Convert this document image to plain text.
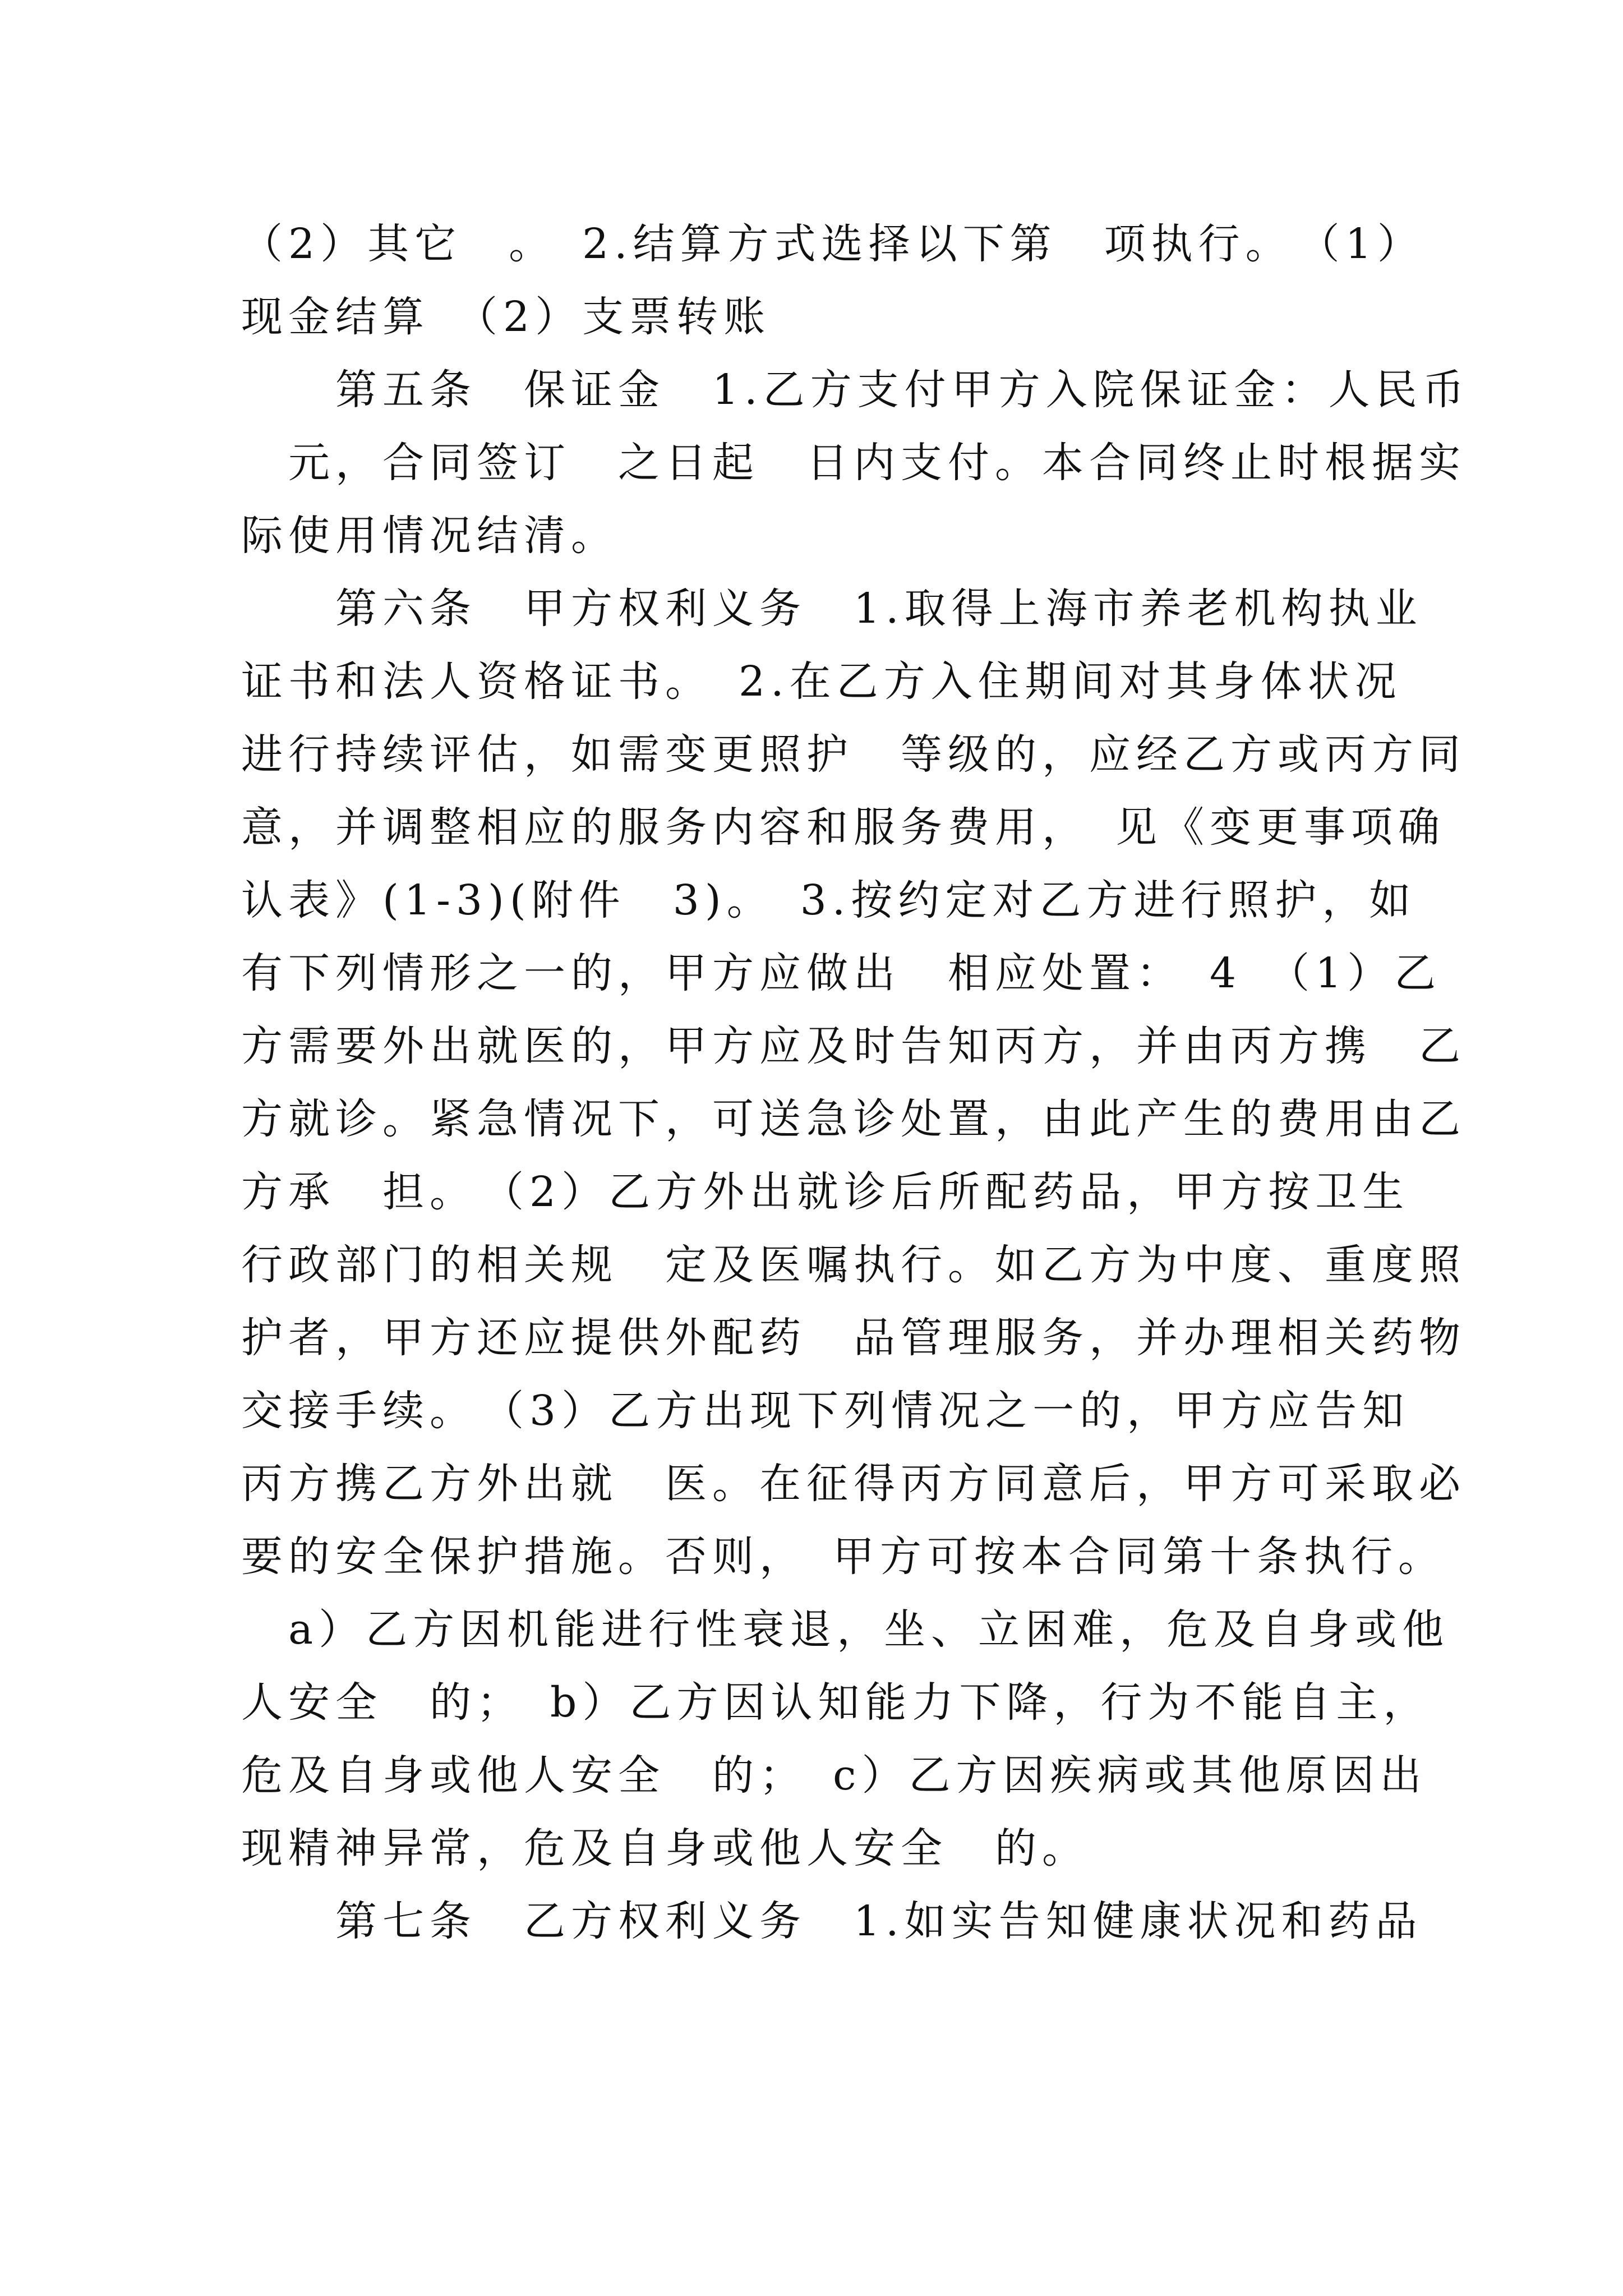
（2）其它　。　2.结算方式选择以下第　项执行。　（1）
现金结算　（2）支票转账
　　第五条　保证金　1.乙方支付甲方入院保证金：人民币
　元，合同签订　之日起　日内支付。本合同终止时根据实
际使用情况结清。
　　第六条　甲方权利义务　1.取得上海市养老机构执业
证书和法人资格证书。　2.在乙方入住期间对其身体状况
进行持续评估，如需变更照护　等级的，应经乙方或丙方同
意，并调整相应的服务内容和服务费用，　见《变更事项确
认表》(1-3)(附件　3)。　3.按约定对乙方进行照护，如
有下列情形之一的，甲方应做出　相应处置：　4　（1）乙
方需要外出就医的，甲方应及时告知丙方，并由丙方携　乙
方就诊。紧急情况下，可送急诊处置，由此产生的费用由乙
方承　担。　（2）乙方外出就诊后所配药品，甲方按卫生
行政部门的相关规　定及医嘱执行。如乙方为中度、重度照
护者，甲方还应提供外配药　品管理服务，并办理相关药物
交接手续。　（3）乙方出现下列情况之一的，甲方应告知
丙方携乙方外出就　医。在征得丙方同意后，甲方可采取必
要的安全保护措施。否则，　甲方可按本合同第十条执行。
　a）乙方因机能进行性衰退，坐、立困难，危及自身或他
人安全　的；　b）乙方因认知能力下降，行为不能自主，
危及自身或他人安全　的；　c）乙方因疾病或其他原因出
现精神异常，危及自身或他人安全　的。
　　第七条　乙方权利义务　1.如实告知健康状况和药品
